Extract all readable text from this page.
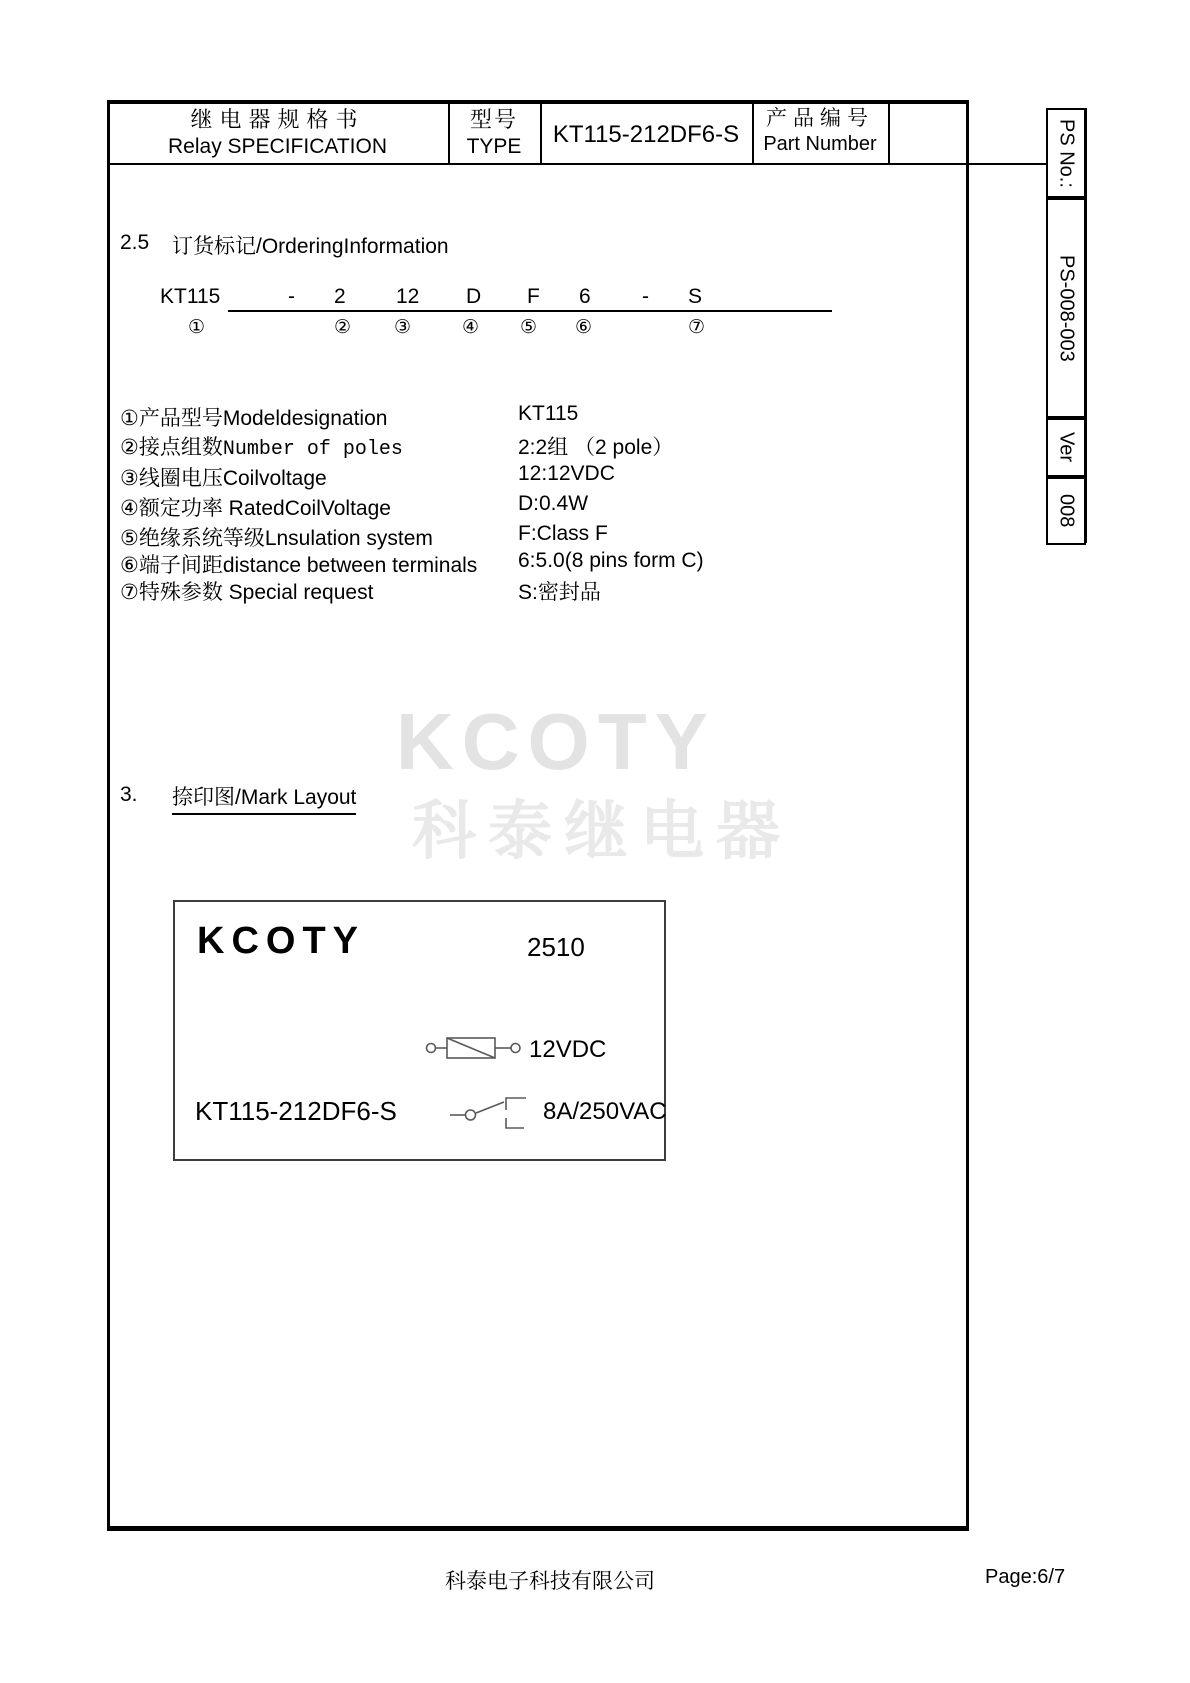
KCOTY
科泰继电器
继电器规格书
Relay SPECIFICATION
型号
TYPE	KT115-212DF6-S
产品编号
Part Number	PS No.:
PS-008-003
Ver
008
2.5 订货标记/OrderingInformation
KT115	- 2 12 D F 6 - S
①	② ③	④ ⑤ ⑥	⑦
①产品型号Modeldesignation	KT115
②接点组数Number of poles	2:2组 （2 pole）
③线圈电压Coilvoltage	12:12VDC
④额定功率 RatedCoilVoltage	D:0.4W
⑤绝缘系统等级Lnsulation system	F:Class F
⑥端子间距distance between terminals 6:5.0(8 pins form C)
⑦特殊参数 Special request	S:密封品
3. 捺印图/Mark Layout
KCOTY	2510
12VDC
KT115-212DF6-S	8A/250VAC
科泰电子科技有限公司	Page:6/7
